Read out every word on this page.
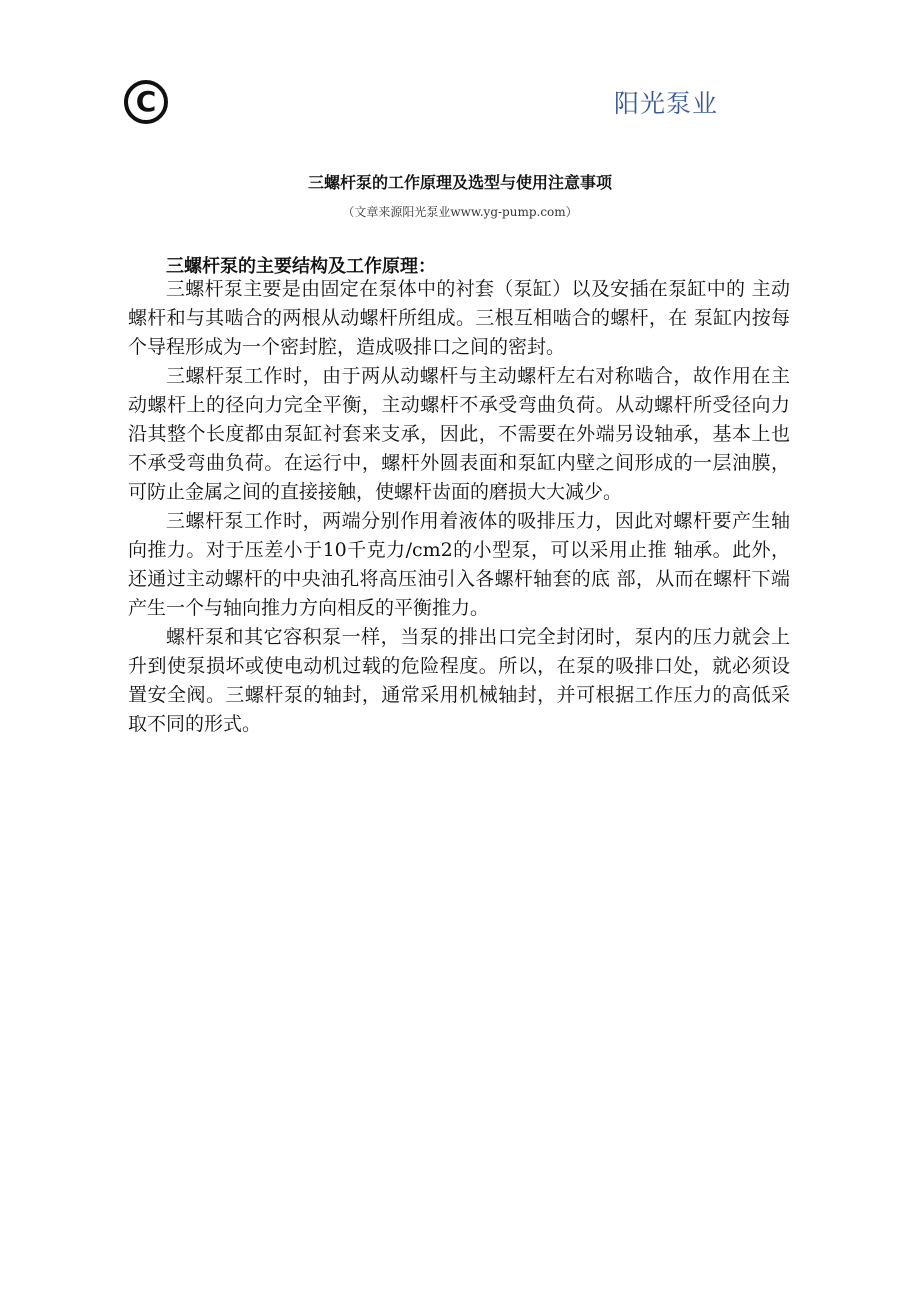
C	阳光泵业
三螺杆泵的工作原理及选型与使用注意事项
（文章来源阳光泵业www.yg-pump.com）
三螺杆泵的主要结构及工作原理：

三螺杆泵主要是由固定在泵体中的衬套（泵缸）以及安插在泵缸中的 主动螺杆和与其啮合的两根从动螺杆所组成。三根互相啮合的螺杆，在 泵缸内按每个导程形成为一个密封腔，造成吸排口之间的密封。

三螺杆泵工作时，由于两从动螺杆与主动螺杆左右对称啮合，故作用在主动螺杆上的径向力完全平衡，主动螺杆不承受弯曲负荷。从动螺杆所受径向力沿其整个长度都由泵缸衬套来支承，因此，不需要在外端另设轴承，基本上也不承受弯曲负荷。在运行中，螺杆外圆表面和泵缸内壁之间形成的一层油膜，可防止金属之间的直接接触，使螺杆齿面的磨损大大减少。

三螺杆泵工作时，两端分别作用着液体的吸排压力，因此对螺杆要产生轴向推力。对于压差小于10千克力/cm2的小型泵，可以采用止推 轴承。此外，还通过主动螺杆的中央油孔将高压油引入各螺杆轴套的底 部，从而在螺杆下端产生一个与轴向推力方向相反的平衡推力。

螺杆泵和其它容积泵一样，当泵的排出口完全封闭时，泵内的压力就会上升到使泵损坏或使电动机过载的危险程度。所以，在泵的吸排口处，就必须设置安全阀。三螺杆泵的轴封，通常采用机械轴封，并可根据工作压力的高低采取不同的形式。
